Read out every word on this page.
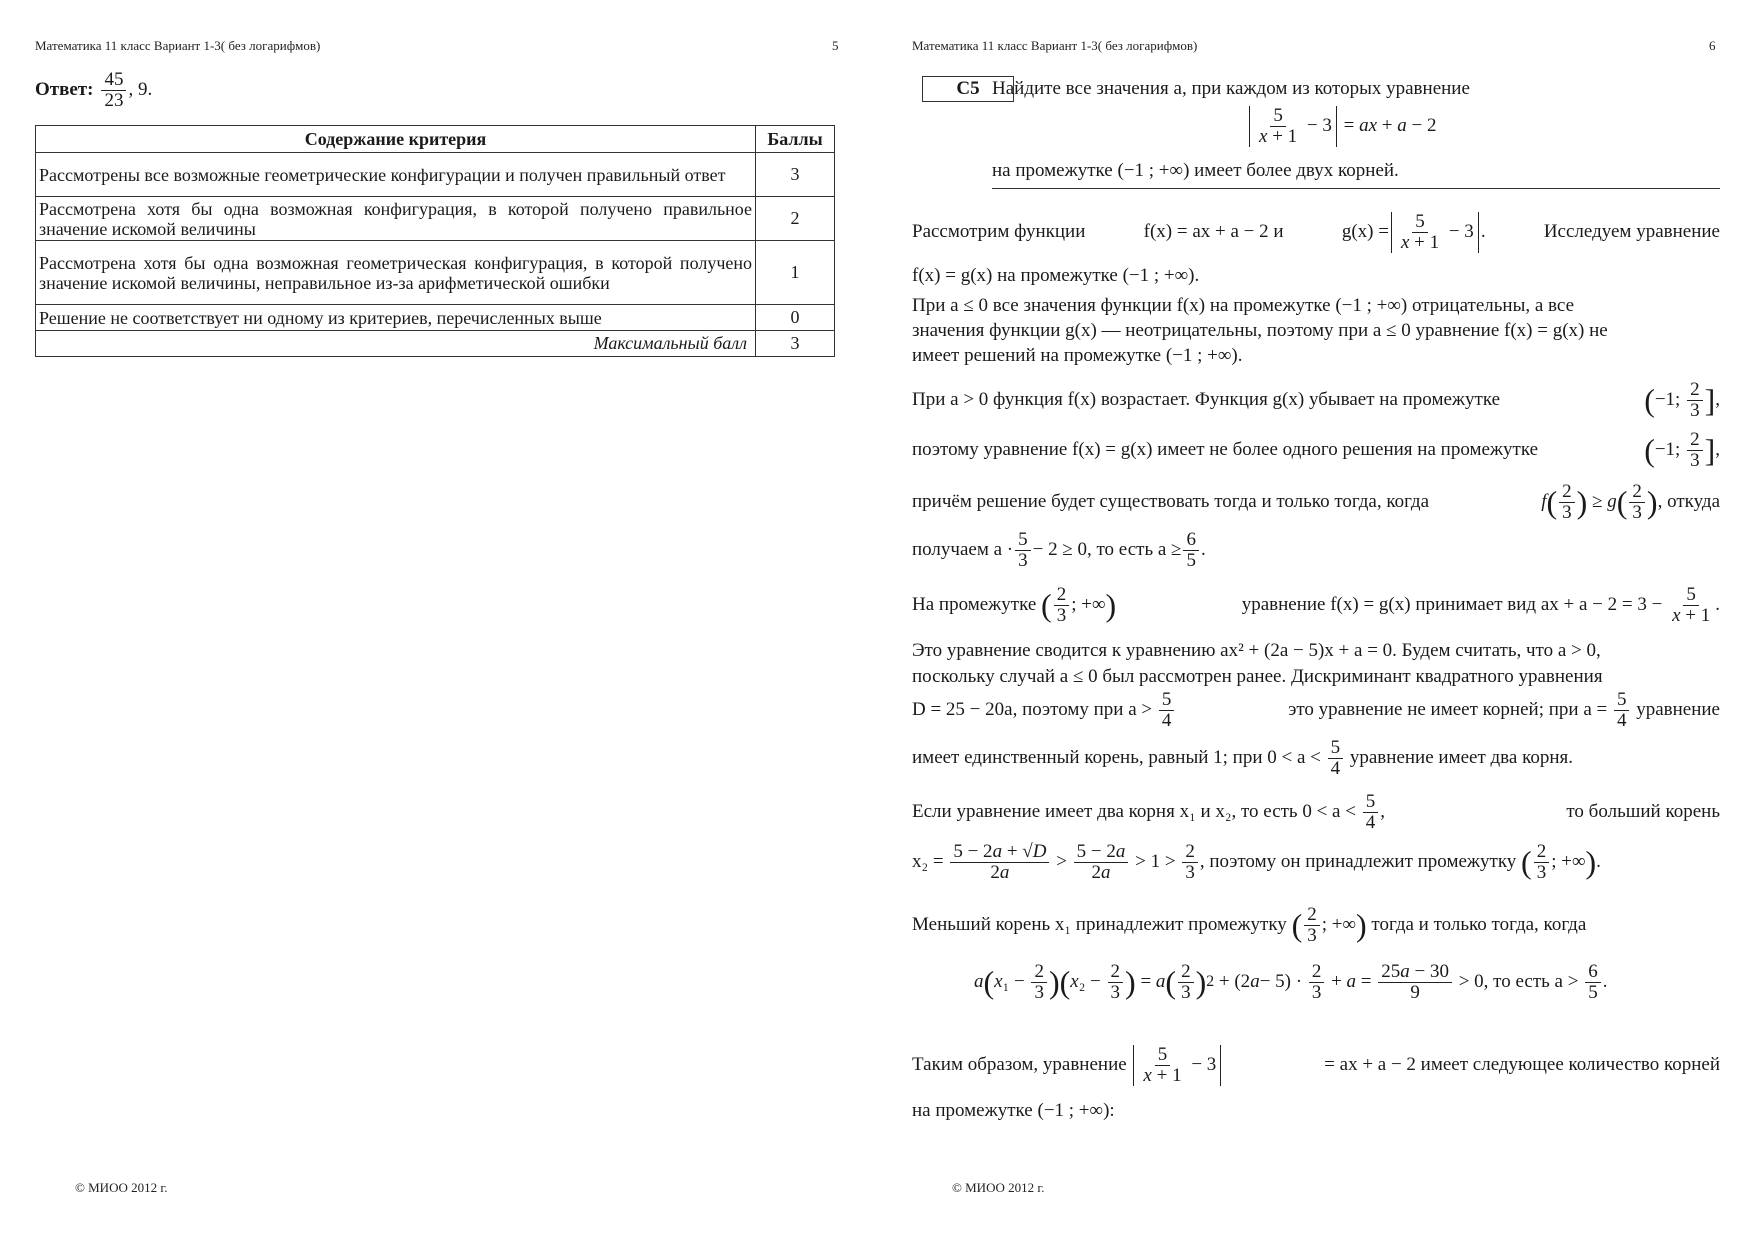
Математика 11 класс Вариант 1-3( без логарифмов)	5
Ответ: $\frac{45}{23}$ , 9.
Содержание критерия	Баллы
Рассмотрены все возможные геометрические конфигурации и получен правильный ответ	3
Рассмотрена хотя бы одна возможная конфигурация, в которой получено правильное значение искомой величины	2
Рассмотрена хотя бы одна возможная геометрическая конфигурация, в которой получено значение искомой величины, неправильное из-за арифметической ошибки	1
Решение не соответствует ни одному из критериев, перечисленных выше	0
Максимальный балл	3
© МИОО 2012 г.
Математика 11 класс Вариант 1-3( без логарифмов)	6
С5 Найдите все значения a, при каждом из которых уравнение
$\frac{5}{x + 1} - 3$ = ax + a − 2
на промежутке (−1 ; +∞) имеет более двух корней.
Рассмотрим функции	f(x) = ax + a − 2 и	$g(x) = \frac{5}{x + 1} - 3$ .	Исследуем уравнение
f(x) = g(x) на промежутке (−1 ; +∞).
При a ≤ 0 все значения функции f(x) на промежутке (−1 ; +∞) отрицательны, а все
значения функции g(x) — неотрицательны, поэтому при a ≤ 0 уравнение f(x) = g(x) не
имеет решений на промежутке (−1 ; +∞).
При a > 0 функция f(x) возрастает. Функция g(x) убывает на промежутке	( −1; $\frac{2}{3}$ ] ,
поэтому уравнение f(x) = g(x) имеет не более одного решения на промежутке	( −1; $\frac{2}{3}$ ] ,
причём решение будет существовать тогда и только тогда, когда	f ( $\frac{2}{3}$ ) ≥ g ( $\frac{2}{3}$ ) , откуда
получаем $a \cdot \frac{5}{3} - 2 \ge 0$, то есть $a \ge \frac{6}{5}$ .
На промежутке
( $\frac{2}{3}$ ; +∞ )	уравнение f(x) = g(x) принимает вид ax + a − 2 = 3 −
$\frac{5}{x + 1}$ .
Это уравнение сводится к уравнению ax² + (2a − 5)x + a = 0. Будем считать, что a > 0,
поскольку случай a ≤ 0 был рассмотрен ранее. Дискриминант квадратного уравнения
D = 25 − 20a, поэтому при a >
$\frac{5}{4}$	это уравнение не имеет корней; при a =
$\frac{5}{4}$
уравнение
имеет единственный корень, равный 1; при 0 < a <
$\frac{5}{4}$
уравнение имеет два корня.
Если уравнение имеет два корня x₁ и x₂, то есть 0 < a <
$\frac{5}{4}$ ,	то больший корень
x₂ =
$\frac{5 - 2a + √D}{2a} > \frac{5 - 2a}{2a} > 1 > \frac{2}{3}$ , поэтому он принадлежит промежутку
( $\frac{2}{3}$ ; +∞ ) .
Меньший корень x₁ принадлежит промежутку
( $\frac{2}{3}$ ; +∞ )
тогда и только тогда, когда
a ( x $_1 - \frac{2}{3}$ )( x $_2 - \frac{2}{3}$ ) = a ( $\frac{2}{3}$ ) 2 + (2 $a - 5) \cdot \frac{2}{3} + a = \frac{25a - 30}{9}$
> 0, то есть a >
$\frac{6}{5}$ .
Таким образом, уравнение
$\frac{5}{x + 1} - 3$	= ax + a − 2 имеет следующее количество корней
на промежутке (−1 ; +∞):
© МИОО 2012 г.
